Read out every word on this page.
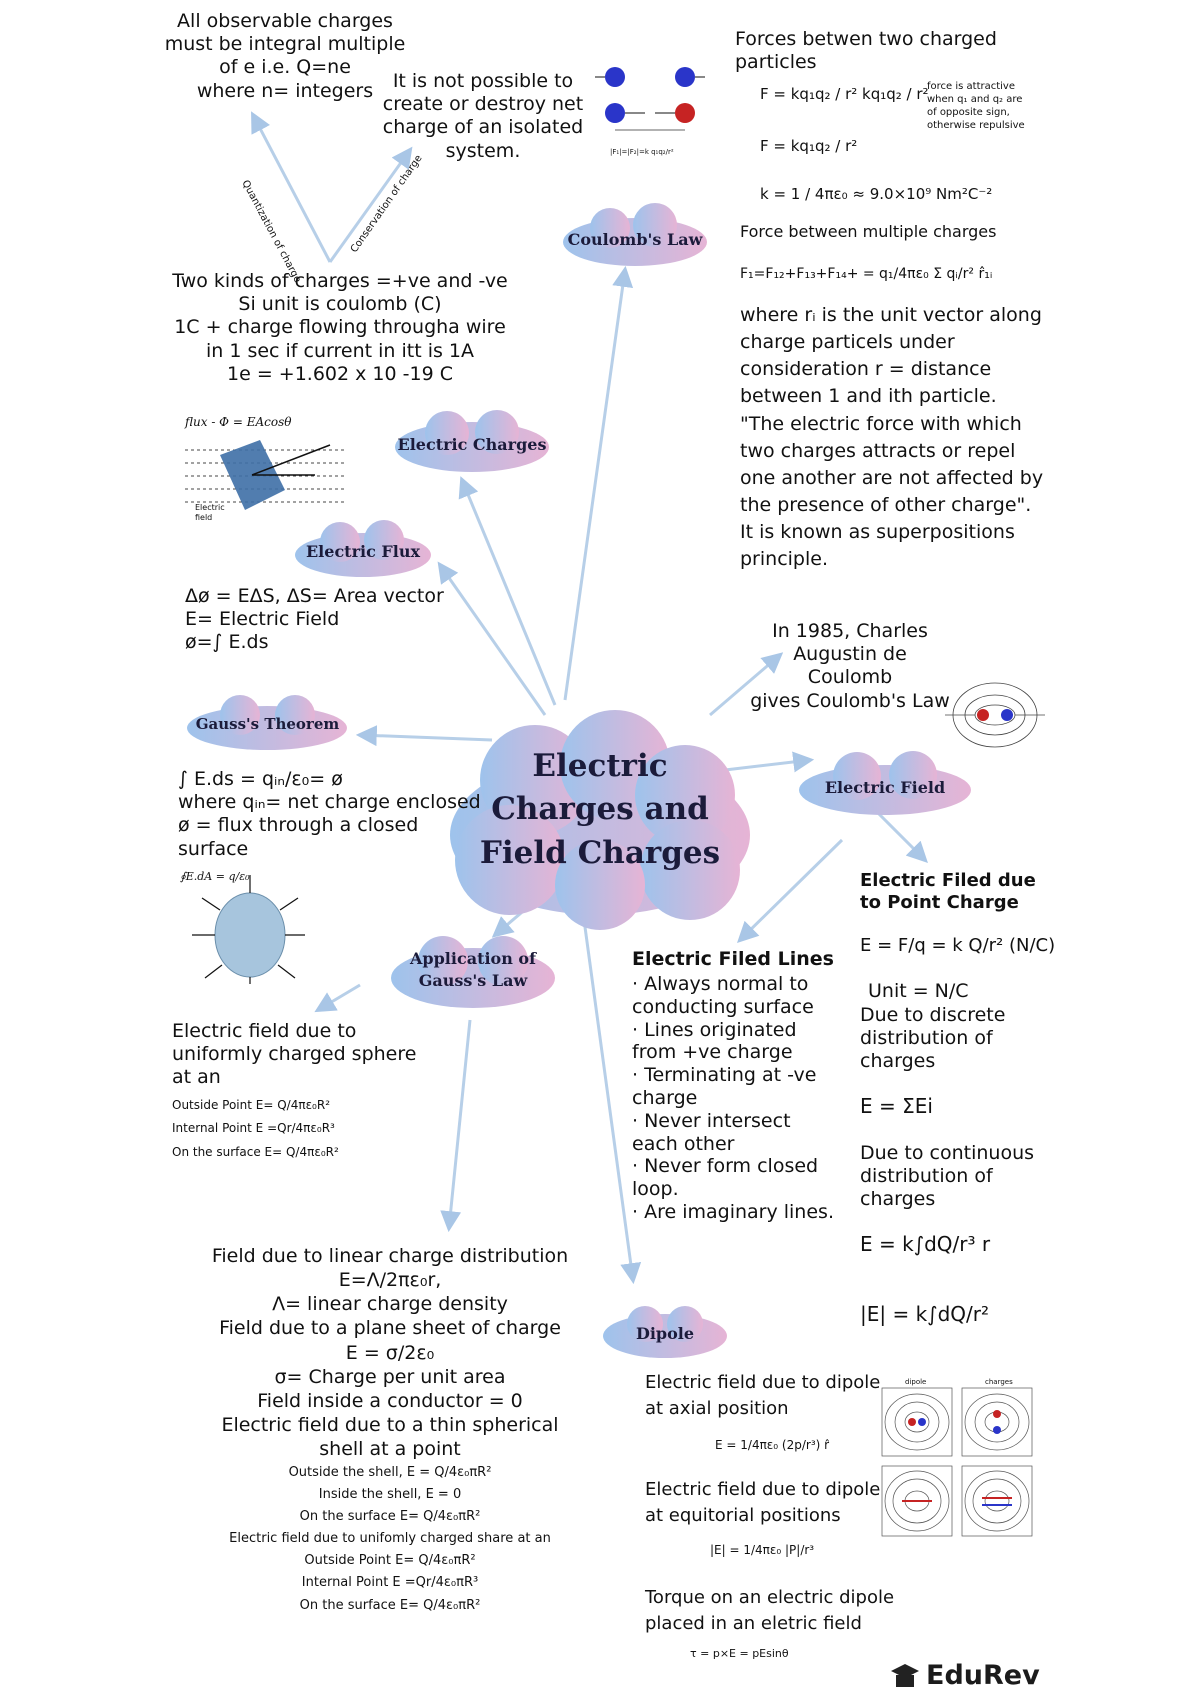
Quantization of charge	Conservation of charge
Electric
Charges and
Field Charges
Coulomb's Law
Electric Charges
Electric Flux
Gauss's Theorem
Application of
Gauss's Law
Electric Field
Dipole
All observable charges
must be integral multiple
of e i.e. Q=ne
where n= integers	It is not possible to
create or destroy net
charge of an isolated
system.
Two kinds of charges =+ve and -ve
Si unit is coulomb (C)
1C + charge flowing througha wire
in 1 sec if current in itt is 1A
1e = +1.602 x 10 -19 C
flux - Φ = EAcosθ
Electric field
Δø = EΔS, ΔS= Area vector
E= Electric Field
ø=∫ E.ds
∫ E.ds = qᵢₙ/ε₀= ø
where qᵢₙ= net charge enclosed
ø = flux through a closed
surface
∮E.dA = q/ε₀
Electric field due to
uniformly charged sphere
at an
Outside Point E= Q/4πε₀R²
Internal Point E =Qr/4πε₀R³
On the surface E= Q/4πε₀R²
Field due to linear charge distribution
E=Λ/2πε₀r,
Λ= linear charge density
Field due to a plane sheet of charge
E = σ/2ε₀
σ= Charge per unit area
Field inside a conductor = 0
Electric field due to a thin spherical
shell at a point
Outside the shell, E = Q/4ε₀πR²
Inside the shell, E = 0
On the surface E= Q/4ε₀πR²
Electric field due to unifomly charged share at an
Outside Point E= Q/4ε₀πR²
Internal Point E =Qr/4ε₀πR³
On the surface E= Q/4ε₀πR²
|F₁|=|F₂|=k q₁q₂/r²
Forces betwen two charged
particles
F = kq₁q₂ / r² kq₁q₂ / r²
force is attractive
when q₁ and q₂ are
of opposite sign,
otherwise repulsive
F = kq₁q₂ / r²
k = 1 / 4πε₀ ≈ 9.0×10⁹ Nm²C⁻²
Force between multiple charges
F₁=F₁₂+F₁₃+F₁₄+ = q₁/4πε₀ Σ qᵢ/r² r̂₁ᵢ
where rᵢ is the unit vector along
charge particels under
consideration r = distance
between 1 and ith particle.
"The electric force with which
two charges attracts or repel
one another are not affected by
the presence of other charge".
It is known as superpositions
principle.
In 1985, Charles
Augustin de Coulomb
gives Coulomb's Law
Electric Filed due
to Point Charge
E = F/q = k Q/r² (N/C)
Unit = N/C
Due to discrete
distribution of
charges
E = ΣEi
Due to continuous
distribution of
charges
E = k∫dQ/r³ r
|E| = k∫dQ/r²
Electric Filed Lines
· Always normal to
conducting surface
· Lines originated
from +ve charge
· Terminating at -ve
charge
· Never intersect
each other
· Never form closed
loop.
· Are imaginary lines.
Electric field due to dipole
at axial position
E = 1/4πε₀ (2p/r³) r̂
Electric field due to dipole
at equitorial positions
|E| = 1/4πε₀ |P|/r³
Torque on an electric dipole
placed in an eletric field
τ = p×E = pEsinθ
dipole	charges
EduRev
